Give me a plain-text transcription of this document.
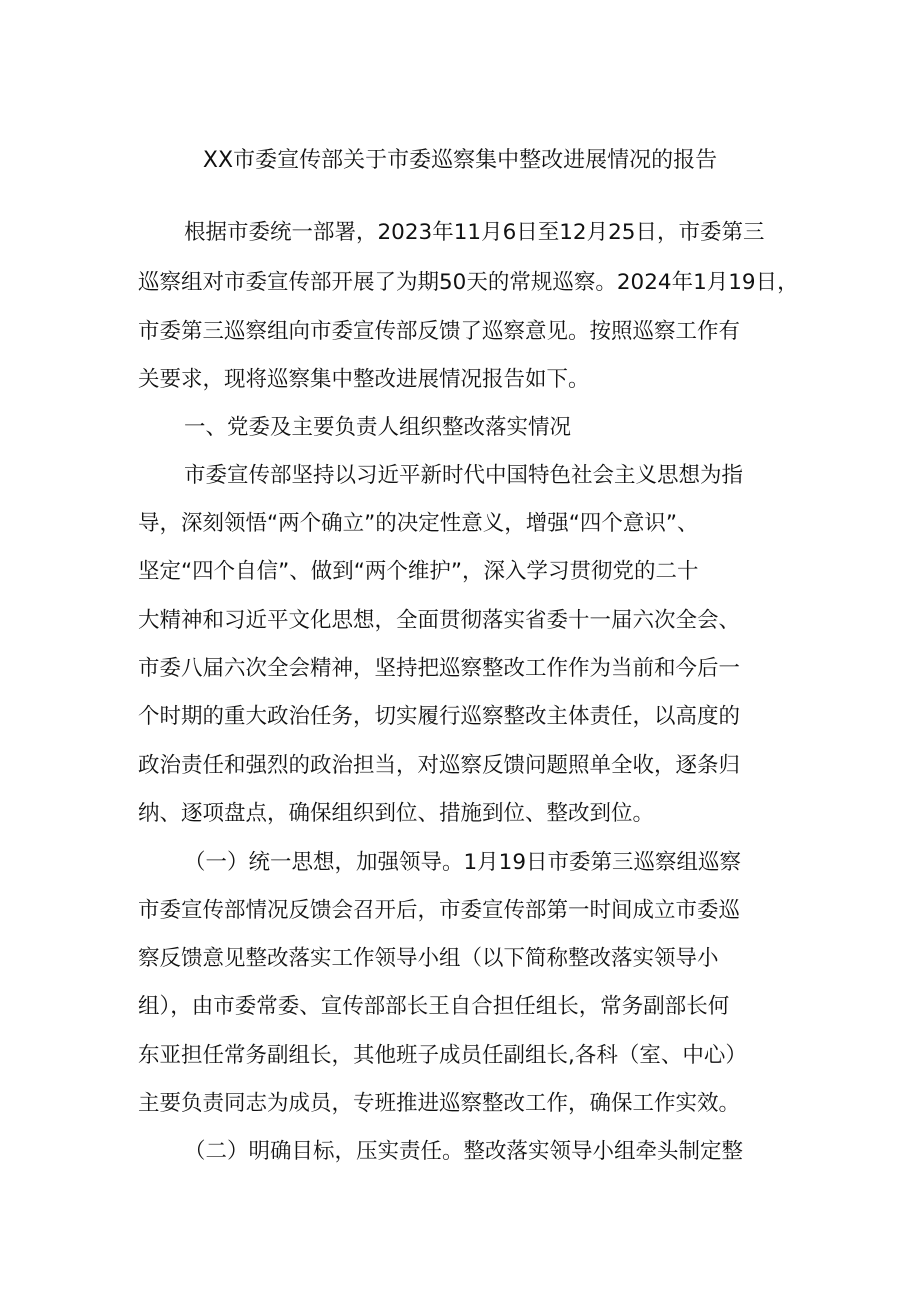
XX市委宣传部关于市委巡察集中整改进展情况的报告
根据市委统一部署，2023年11月6日至12月25日，市委第三
巡察组对市委宣传部开展了为期50天的常规巡察。2024年1月19日，
市委第三巡察组向市委宣传部反馈了巡察意见。按照巡察工作有
关要求，现将巡察集中整改进展情况报告如下。
一、党委及主要负责人组织整改落实情况
市委宣传部坚持以习近平新时代中国特色社会主义思想为指
导，深刻领悟“两个确立”的决定性意义，增强“四个意识”、
坚定“四个自信”、做到“两个维护”，深入学习贯彻党的二十
大精神和习近平文化思想，全面贯彻落实省委十一届六次全会、
市委八届六次全会精神，坚持把巡察整改工作作为当前和今后一
个时期的重大政治任务，切实履行巡察整改主体责任，以高度的
政治责任和强烈的政治担当，对巡察反馈问题照单全收，逐条归
纳、逐项盘点，确保组织到位、措施到位、整改到位。
（一）统一思想，加强领导。1月19日市委第三巡察组巡察
市委宣传部情况反馈会召开后，市委宣传部第一时间成立市委巡
察反馈意见整改落实工作领导小组（以下简称整改落实领导小
组），由市委常委、宣传部部长王自合担任组长，常务副部长何
东亚担任常务副组长，其他班子成员任副组长,各科（室、中心）
主要负责同志为成员，专班推进巡察整改工作，确保工作实效。
（二）明确目标，压实责任。整改落实领导小组牵头制定整
